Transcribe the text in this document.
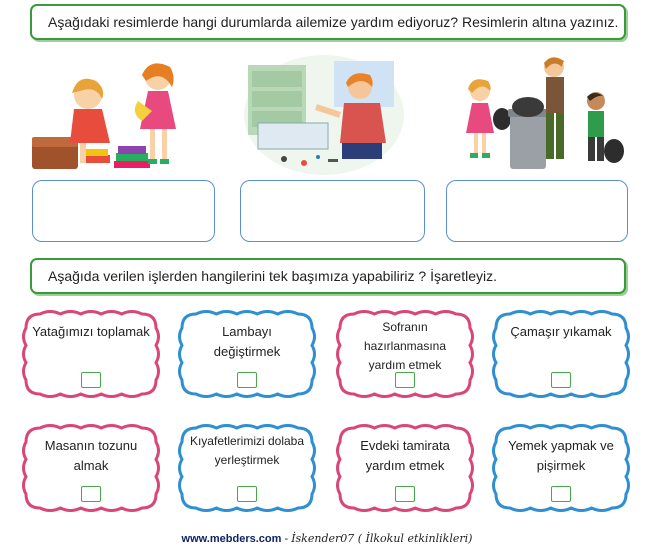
Aşağıdaki resimlerde hangi durumlarda ailemize yardım ediyoruz? Resimlerin altına yazınız.
Aşağıda verilen işlerden hangilerini tek başımıza yapabiliriz ? İşaretleyiz.
Yatağımızı toplamak	Lambayı değiştirmek
Sofranın hazırlanmasına yardım etmek
Çamaşır yıkamak
Masanın tozunu almak
Kıyafetlerimizi dolaba yerleştirmek
Evdeki tamirata yardım etmek
Yemek yapmak ve pişirmek
www.mebders.com - İskender07 ( İlkokul etkinlikleri)
